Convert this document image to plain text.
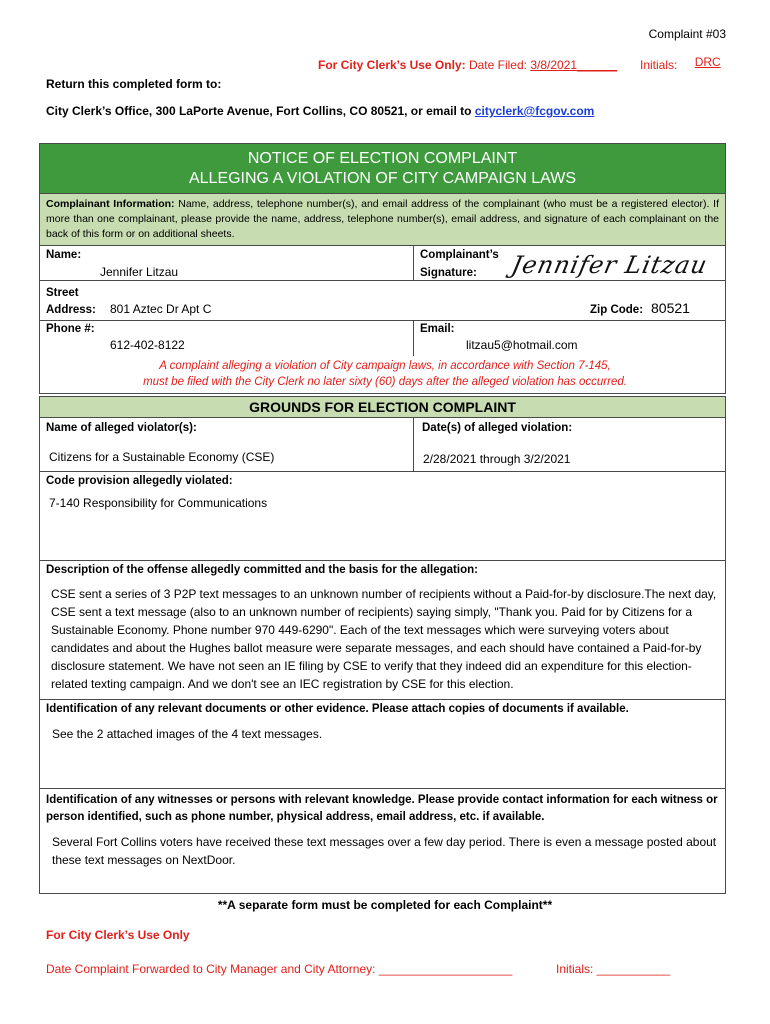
Complaint #03
For City Clerk’s Use Only: Date Filed: 3/8/2021______ Initials: DRC
Return this completed form to:
City Clerk’s Office, 300 LaPorte Avenue, Fort Collins, CO 80521, or email to cityclerk@fcgov.com
NOTICE OF ELECTION COMPLAINT
ALLEGING A VIOLATION OF CITY CAMPAIGN LAWS
Complainant Information: Name, address, telephone number(s), and email address of the complainant (who must be a registered elector). If more than one complainant, please provide the name, address, telephone number(s), email address, and signature of each complainant on the back of this form or on additional sheets.
Name:
Jennifer Litzau
Complainant’s
Signature: Jennifer Litzau
Street
Address: 801 Aztec Dr Apt C	Zip Code: 80521
Phone #:
612-402-8122
Email:
litzau5@hotmail.com
A complaint alleging a violation of City campaign laws, in accordance with Section 7-145,
must be filed with the City Clerk no later sixty (60) days after the alleged violation has occurred.
GROUNDS FOR ELECTION COMPLAINT
Name of alleged violator(s):
Citizens for a Sustainable Economy (CSE)
Date(s) of alleged violation:
2/28/2021 through 3/2/2021
Code provision allegedly violated:
7-140 Responsibility for Communications
Description of the offense allegedly committed and the basis for the allegation:
CSE sent a series of 3 P2P text messages to an unknown number of recipients without a Paid-for-by disclosure.The next day, CSE sent a text message (also to an unknown number of recipients) saying simply, "Thank you. Paid for by Citizens for a Sustainable Economy. Phone number 970 449-6290". Each of the text messages which were surveying voters about candidates and about the Hughes ballot measure were separate messages, and each should have contained a Paid-for-by disclosure statement. We have not seen an IE filing by CSE to verify that they indeed did an expenditure for this election-related texting campaign. And we don't see an IEC registration by CSE for this election.
Identification of any relevant documents or other evidence. Please attach copies of documents if available.
See the 2 attached images of the 4 text messages.
Identification of any witnesses or persons with relevant knowledge. Please provide contact information for each witness or person identified, such as phone number, physical address, email address, etc. if available.
Several Fort Collins voters have received these text messages over a few day period. There is even a message posted about these text messages on NextDoor.
**A separate form must be completed for each Complaint**
For City Clerk’s Use Only
Date Complaint Forwarded to City Manager and City Attorney: ____________________	Initials: ___________
